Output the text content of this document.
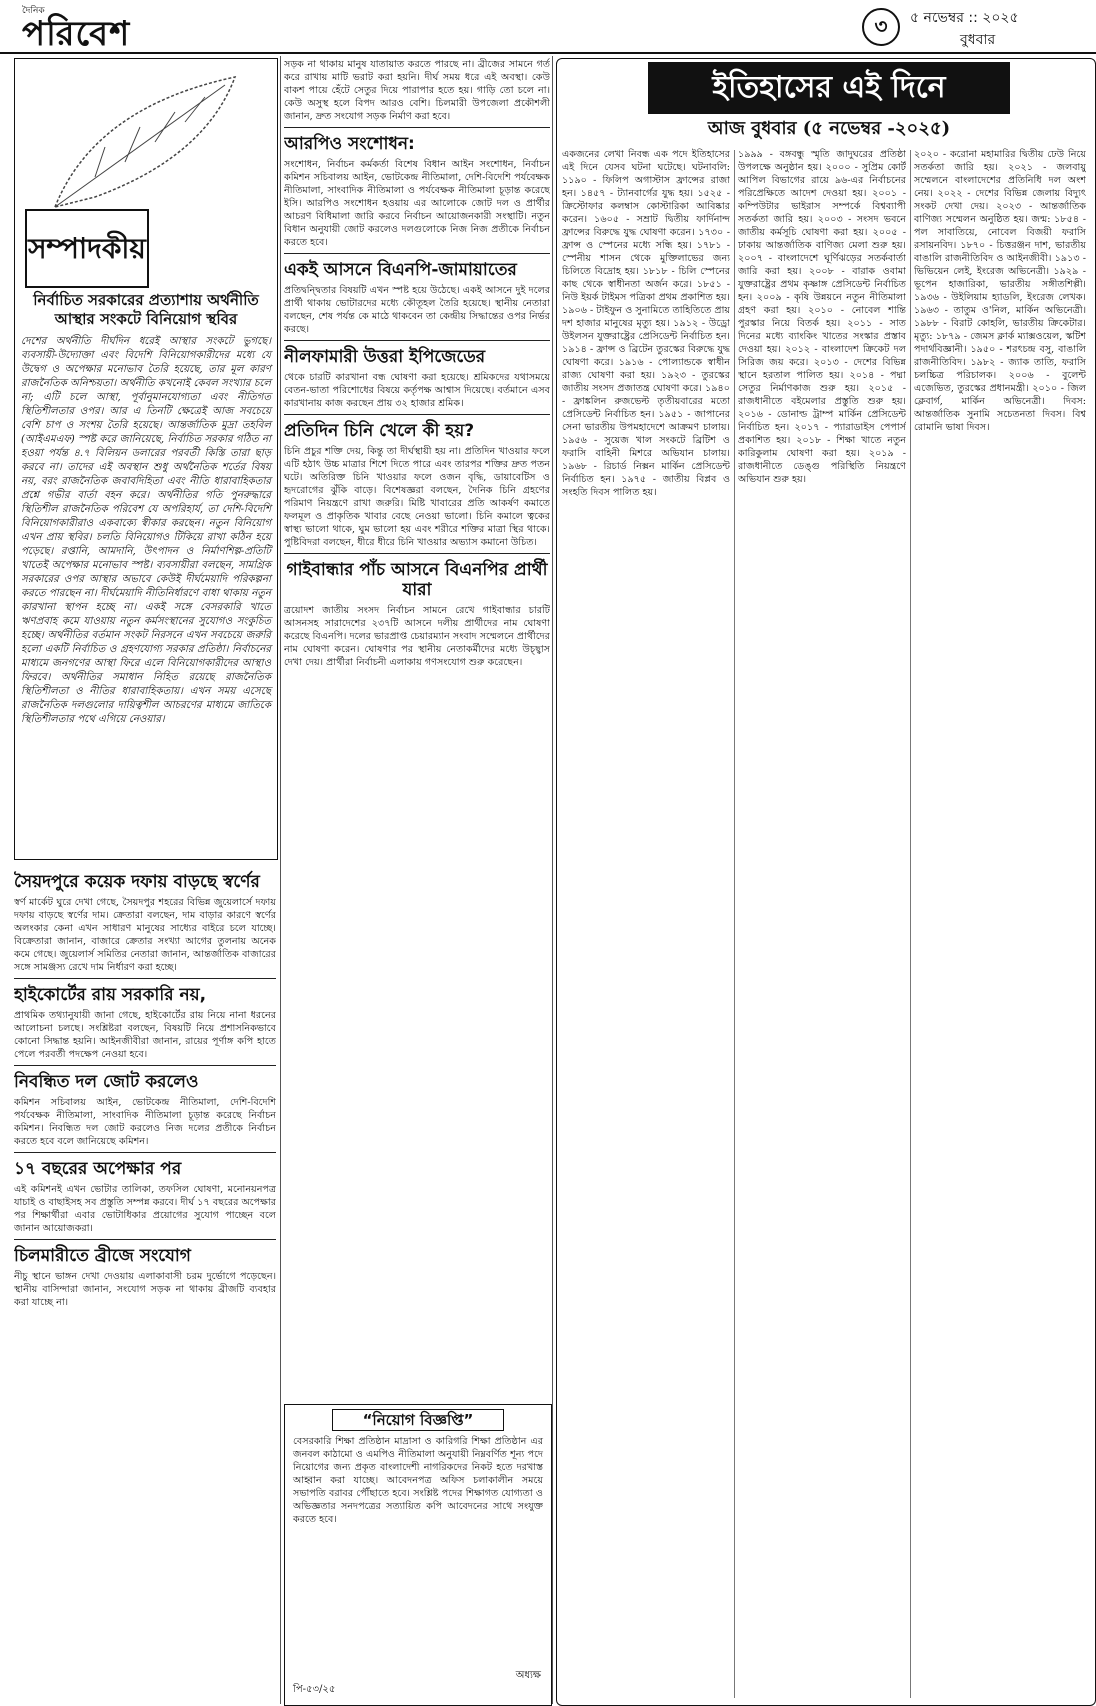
দৈনিক
পরিবেশ	৩	৫ নভেম্বর :: ২০২৫
বুধবার
সম্পাদকীয়

নির্বাচিত সরকারের প্রত্যাশায় অর্থনীতি

আস্থার সংকটে বিনিয়োগ স্থবির

দেশের অর্থনীতি দীর্ঘদিন ধরেই আস্থার সংকটে ভুগছে। ব্যবসায়ী-উদ্যোক্তা এবং বিদেশি বিনিয়োগকারীদের মধ্যে যে উদ্বেগ ও অপেক্ষার মনোভাব তৈরি হয়েছে, তার মূল কারণ রাজনৈতিক অনিশ্চয়তা। অর্থনীতি কখনোই কেবল সংখ্যার চলে না; এটি চলে আস্থা, পূর্বানুমানযোগ্যতা এবং নীতিগত স্থিতিশীলতার ওপর। আর এ তিনটি ক্ষেত্রেই আজ সবচেয়ে বেশি চাপ ও সংশয় তৈরি হয়েছে। আন্তর্জাতিক মুদ্রা তহবিল (আইএমএফ) স্পষ্ট করে জানিয়েছে, নির্বাচিত সরকার গঠিত না হওয়া পর্যন্ত ৪.৭ বিলিয়ন ডলারের পরবর্তী কিস্তি তারা ছাড় করবে না। তাদের এই অবস্থান শুধু অর্থনৈতিক শর্তের বিষয় নয়, বরং রাজনৈতিক জবাবদিহিতা এবং নীতি ধারাবাহিকতার প্রশ্নে গভীর বার্তা বহন করে। অর্থনীতির গতি পুনরুদ্ধারে স্থিতিশীল রাজনৈতিক পরিবেশ যে অপরিহার্য, তা দেশি-বিদেশি বিনিয়োগকারীরাও একবাক্যে স্বীকার করছেন। নতুন বিনিয়োগ এখন প্রায় স্থবির। চলতি বিনিয়োগও টিকিয়ে রাখা কঠিন হয়ে পড়েছে। রপ্তানি, আমদানি, উৎপাদন ও নির্মাণশিল্প-প্রতিটি খাতেই অপেক্ষার মনোভাব স্পষ্ট। ব্যবসায়ীরা বলছেন, সামগ্রিক সরকারের ওপর আস্থার অভাবে কেউই দীর্ঘমেয়াদি পরিকল্পনা করতে পারছেন না। দীর্ঘমেয়াদি নীতিনির্ধারণে বাধা থাকায় নতুন কারখানা স্থাপন হচ্ছে না। একই সঙ্গে বেসরকারি খাতে ঋণপ্রবাহ কমে যাওয়ায় নতুন কর্মসংস্থানের সুযোগও সংকুচিত হচ্ছে। অর্থনীতির বর্তমান সংকট নিরসনে এখন সবচেয়ে জরুরি হলো একটি নির্বাচিত ও গ্রহণযোগ্য সরকার প্রতিষ্ঠা। নির্বাচনের মাধ্যমে জনগণের আস্থা ফিরে এলে বিনিয়োগকারীদের আস্থাও ফিরবে। অর্থনীতির সমাধান নিহিত রয়েছে রাজনৈতিক স্থিতিশীলতা ও নীতির ধারাবাহিকতায়। এখন সময় এসেছে রাজনৈতিক দলগুলোর দায়িত্বশীল আচরণের মাধ্যমে জাতিকে স্থিতিশীলতার পথে এগিয়ে নেওয়ার।

সৈয়দপুরে কয়েক দফায় বাড়ছে স্বর্ণের

স্বর্ণ মার্কেট ঘুরে দেখা গেছে, সৈয়দপুর শহরের বিভিন্ন জুয়েলার্সে দফায় দফায় বাড়ছে স্বর্ণের দাম। ক্রেতারা বলছেন, দাম বাড়ার কারণে স্বর্ণের অলংকার কেনা এখন সাধারণ মানুষের সাধ্যের বাইরে চলে যাচ্ছে। বিক্রেতারা জানান, বাজারে ক্রেতার সংখ্যা আগের তুলনায় অনেক কমে গেছে। জুয়েলার্স সমিতির নেতারা জানান, আন্তর্জাতিক বাজারের সঙ্গে সামঞ্জস্য রেখে দাম নির্ধারণ করা হচ্ছে।

হাইকোর্টের রায় সরকারি নয়,

প্রাথমিক তথ্যানুযায়ী জানা গেছে, হাইকোর্টের রায় নিয়ে নানা ধরনের আলোচনা চলছে। সংশ্লিষ্টরা বলছেন, বিষয়টি নিয়ে প্রশাসনিকভাবে কোনো সিদ্ধান্ত হয়নি। আইনজীবীরা জানান, রায়ের পূর্ণাঙ্গ কপি হাতে পেলে পরবর্তী পদক্ষেপ নেওয়া হবে।

নিবন্ধিত দল জোট করলেও

কমিশন সচিবালয় আইন, ভোটকেন্দ্র নীতিমালা, দেশি-বিদেশি পর্যবেক্ষক নীতিমালা, সাংবাদিক নীতিমালা চূড়ান্ত করেছে নির্বাচন কমিশন। নিবন্ধিত দল জোট করলেও নিজ দলের প্রতীকে নির্বাচন করতে হবে বলে জানিয়েছে কমিশন।

১৭ বছরের অপেক্ষার পর

এই কমিশনই এখন ভোটার তালিকা, তফসিল ঘোষণা, মনোনয়নপত্র যাচাই ও বাছাইসহ সব প্রস্তুতি সম্পন্ন করবে। দীর্ঘ ১৭ বছরের অপেক্ষার পর শিক্ষার্থীরা এবার ভোটাধিকার প্রয়োগের সুযোগ পাচ্ছেন বলে জানান আয়োজকরা।

চিলমারীতে ব্রীজে সংযোগ

নীচু স্থানে ভাঙ্গন দেখা দেওয়ায় এলাকাবাসী চরম দুর্ভোগে পড়েছেন। স্থানীয় বাসিন্দারা জানান, সংযোগ সড়ক না থাকায় ব্রীজটি ব্যবহার করা যাচ্ছে না।

সড়ক না থাকায় মানুষ যাতায়াত করতে পারছে না। ব্রীজের সামনে গর্ত করে রাখায় মাটি ভরাট করা হয়নি। দীর্ঘ সময় ধরে এই অবস্থা। কেউ বাকশ পায়ে হেঁটে সেতুর দিয়ে পারাপার হতে হয়। গাড়ি তো চলে না। কেউ অসুস্থ হলে বিপদ আরও বেশি। চিলমারী উপজেলা প্রকৌশলী জানান, দ্রুত সংযোগ সড়ক নির্মাণ করা হবে।

আরপিও সংশোধন:

সংশোধন, নির্বাচন কর্মকর্তা বিশেষ বিধান আইন সংশোধন, নির্বাচন কমিশন সচিবালয় আইন, ভোটকেন্দ্র নীতিমালা, দেশি-বিদেশি পর্যবেক্ষক নীতিমালা, সাংবাদিক নীতিমালা ও পর্যবেক্ষক নীতিমালা চূড়ান্ত করেছে ইসি। আরপিও সংশোধন হওয়ায় এর আলোকে জোট দল ও প্রার্থীর আচরণ বিধিমালা জারি করবে নির্বাচন আয়োজনকারী সংস্থাটি। নতুন বিধান অনুযায়ী জোট করলেও দলগুলোকে নিজ নিজ প্রতীকে নির্বাচন করতে হবে।

একই আসনে বিএনপি-জামায়াতের

প্রতিদ্বন্দ্বিতার বিষয়টি এখন স্পষ্ট হয়ে উঠেছে। একই আসনে দুই দলের প্রার্থী থাকায় ভোটারদের মধ্যে কৌতূহল তৈরি হয়েছে। স্থানীয় নেতারা বলছেন, শেষ পর্যন্ত কে মাঠে থাকবেন তা কেন্দ্রীয় সিদ্ধান্তের ওপর নির্ভর করছে।

নীলফামারী উত্তরা ইপিজেডের

থেকে চারটি কারখানা বন্ধ ঘোষণা করা হয়েছে। শ্রমিকদের যথাসময়ে বেতন-ভাতা পরিশোধের বিষয়ে কর্তৃপক্ষ আশ্বাস দিয়েছে। বর্তমানে এসব কারখানায় কাজ করছেন প্রায় ৩২ হাজার শ্রমিক।

প্রতিদিন চিনি খেলে কী হয়?

চিনি প্রচুর শক্তি দেয়, কিন্তু তা দীর্ঘস্থায়ী হয় না। প্রতিদিন খাওয়ার ফলে এটি হঠাৎ উচ্চ মাত্রার শিশে দিতে পারে এবং তারপর শক্তির দ্রুত পতন ঘটে। অতিরিক্ত চিনি খাওয়ার ফলে ওজন বৃদ্ধি, ডায়াবেটিস ও হৃদরোগের ঝুঁকি বাড়ে। বিশেষজ্ঞরা বলছেন, দৈনিক চিনি গ্রহণের পরিমাণ নিয়ন্ত্রণে রাখা জরুরি। মিষ্টি খাবারের প্রতি আকর্ষণ কমাতে ফলমূল ও প্রাকৃতিক খাবার বেছে নেওয়া ভালো। চিনি কমালে ত্বকের স্বাস্থ্য ভালো থাকে, ঘুম ভালো হয় এবং শরীরে শক্তির মাত্রা স্থির থাকে। পুষ্টিবিদরা বলছেন, ধীরে ধীরে চিনি খাওয়ার অভ্যাস কমানো উচিত।

গাইবান্ধার পাঁচ আসনে বিএনপির প্রার্থী যারা

ত্রয়োদশ জাতীয় সংসদ নির্বাচন সামনে রেখে গাইবান্ধার চারটি আসনসহ সারাদেশের ২৩৭টি আসনে দলীয় প্রার্থীদের নাম ঘোষণা করেছে বিএনপি। দলের ভারপ্রাপ্ত চেয়ারম্যান সংবাদ সম্মেলনে প্রার্থীদের নাম ঘোষণা করেন। ঘোষণার পর স্থানীয় নেতাকর্মীদের মধ্যে উচ্ছ্বাস দেখা দেয়। প্রার্থীরা নির্বাচনী এলাকায় গণসংযোগ শুরু করেছেন।

“নিয়োগ বিজ্ঞপ্তি”

বেসরকারি শিক্ষা প্রতিষ্ঠান মাদ্রাসা ও কারিগরি শিক্ষা প্রতিষ্ঠান এর জনবল কাঠামো ও এমপিও নীতিমালা অনুযায়ী নিম্নবর্ণিত শূন্য পদে নিয়োগের জন্য প্রকৃত বাংলাদেশী নাগরিকদের নিকট হতে দরখাস্ত আহ্বান করা যাচ্ছে। আবেদনপত্র অফিস চলাকালীন সময়ে সভাপতি বরাবর পৌঁছাতে হবে। সংশ্লিষ্ট পদের শিক্ষাগত যোগ্যতা ও অভিজ্ঞতার সনদপত্রের সত্যায়িত কপি আবেদনের সাথে সংযুক্ত করতে হবে।

পি-৫৩/২৫
অধ্যক্ষ
ইতিহাসের এই দিনে
আজ বুধবার (৫ নভেম্বর -২০২৫)

একজনের লেখা নিবন্ধ এক পদে ইতিহাসের এই দিনে যেসব ঘটনা ঘটেছে। ঘটনাবলি: ১১৯০ - ফিলিপ অগাস্টাস ফ্রান্সের রাজা হন। ১৪৫৭ - ট্যানবার্গের যুদ্ধ হয়। ১৫২৫ - ক্রিস্টোফার কলম্বাস কোস্টারিকা আবিষ্কার করেন। ১৬০৫ - সম্রাট দ্বিতীয় ফার্দিনান্দ ফ্রান্সের বিরুদ্ধে যুদ্ধ ঘোষণা করেন। ১৭৩০ - ফ্রান্স ও স্পেনের মধ্যে সন্ধি হয়। ১৭৮১ - স্পেনীয় শাসন থেকে মুক্তিলাভের জন্য চিলিতে বিদ্রোহ হয়। ১৮১৮ - চিলি স্পেনের কাছ থেকে স্বাধীনতা অর্জন করে। ১৮৫১ - নিউ ইয়র্ক টাইমস পত্রিকা প্রথম প্রকাশিত হয়। ১৯০৬ - টাইফুন ও সুনামিতে তাহিতিতে প্রায় দশ হাজার মানুষের মৃত্যু হয়। ১৯১২ - উড্রো উইলসন যুক্তরাষ্ট্রের প্রেসিডেন্ট নির্বাচিত হন। ১৯১৪ - ফ্রান্স ও ব্রিটেন তুরস্কের বিরুদ্ধে যুদ্ধ ঘোষণা করে। ১৯১৬ - পোল্যান্ডকে স্বাধীন রাজ্য ঘোষণা করা হয়। ১৯২৩ - তুরস্কের জাতীয় সংসদ প্রজাতন্ত্র ঘোষণা করে। ১৯৪০ - ফ্রাঙ্কলিন রুজভেল্ট তৃতীয়বারের মতো প্রেসিডেন্ট নির্বাচিত হন। ১৯৫১ - জাপানের সেনা ভারতীয় উপমহাদেশে আক্রমণ চালায়। ১৯৫৬ - সুয়েজ খাল সংকটে ব্রিটিশ ও ফরাসি বাহিনী মিশরে অভিযান চালায়। ১৯৬৮ - রিচার্ড নিক্সন মার্কিন প্রেসিডেন্ট নির্বাচিত হন। ১৯৭৫ - জাতীয় বিপ্লব ও সংহতি দিবস পালিত হয়।

১৯৯৯ - বঙ্গবন্ধু স্মৃতি জাদুঘরের প্রতিষ্ঠা উপলক্ষে অনুষ্ঠান হয়। ২০০০ - সুপ্রিম কোর্ট আপিল বিভাগের রায়ে ৯৬-এর নির্বাচনের পরিপ্রেক্ষিতে আদেশ দেওয়া হয়। ২০০১ - কম্পিউটার ভাইরাস সম্পর্কে বিশ্বব্যাপী সতর্কতা জারি হয়। ২০০৩ - সংসদ ভবনে জাতীয় কর্মসূচি ঘোষণা করা হয়। ২০০৫ - ঢাকায় আন্তর্জাতিক বাণিজ্য মেলা শুরু হয়। ২০০৭ - বাংলাদেশে ঘূর্ণিঝড়ের সতর্কবার্তা জারি করা হয়। ২০০৮ - বারাক ওবামা যুক্তরাষ্ট্রের প্রথম কৃষ্ণাঙ্গ প্রেসিডেন্ট নির্বাচিত হন। ২০০৯ - কৃষি উন্নয়নে নতুন নীতিমালা গ্রহণ করা হয়। ২০১০ - নোবেল শান্তি পুরস্কার নিয়ে বিতর্ক হয়। ২০১১ - সাত দিনের মধ্যে ব্যাংকিং খাতের সংস্কার প্রস্তাব দেওয়া হয়। ২০১২ - বাংলাদেশ ক্রিকেট দল সিরিজ জয় করে। ২০১৩ - দেশের বিভিন্ন স্থানে হরতাল পালিত হয়। ২০১৪ - পদ্মা সেতুর নির্মাণকাজ শুরু হয়। ২০১৫ - রাজধানীতে বইমেলার প্রস্তুতি শুরু হয়। ২০১৬ - ডোনাল্ড ট্রাম্প মার্কিন প্রেসিডেন্ট নির্বাচিত হন। ২০১৭ - প্যারাডাইস পেপার্স প্রকাশিত হয়। ২০১৮ - শিক্ষা খাতে নতুন কারিকুলাম ঘোষণা করা হয়। ২০১৯ - রাজধানীতে ডেঙ্গু পরিস্থিতি নিয়ন্ত্রণে অভিযান শুরু হয়।

২০২০ - করোনা মহামারির দ্বিতীয় ঢেউ নিয়ে সতর্কতা জারি হয়। ২০২১ - জলবায়ু সম্মেলনে বাংলাদেশের প্রতিনিধি দল অংশ নেয়। ২০২২ - দেশের বিভিন্ন জেলায় বিদ্যুৎ সংকট দেখা দেয়। ২০২৩ - আন্তর্জাতিক বাণিজ্য সম্মেলন অনুষ্ঠিত হয়। জন্ম: ১৮৫৪ - পল সাবাতিয়ে, নোবেল বিজয়ী ফরাসি রসায়নবিদ। ১৮৭০ - চিত্তরঞ্জন দাশ, ভারতীয় বাঙালি রাজনীতিবিদ ও আইনজীবী। ১৯১৩ - ভিভিয়েন লেই, ইংরেজ অভিনেত্রী। ১৯২৯ - ভূপেন হাজারিকা, ভারতীয় সঙ্গীতশিল্পী। ১৯৩৬ - উইলিয়াম হ্যাডলি, ইংরেজ লেখক। ১৯৬৩ - তাতুম ও'নিল, মার্কিন অভিনেত্রী। ১৯৮৮ - বিরাট কোহলি, ভারতীয় ক্রিকেটার। মৃত্যু: ১৮৭৯ - জেমস ক্লার্ক ম্যাক্সওয়েল, স্কটিশ পদার্থবিজ্ঞানী। ১৯৫০ - শরৎচন্দ্র বসু, বাঙালি রাজনীতিবিদ। ১৯৮২ - জ্যাক তাতি, ফরাসি চলচ্চিত্র পরিচালক। ২০০৬ - বুলেন্ট এজেভিত, তুরস্কের প্রধানমন্ত্রী। ২০১০ - জিল ক্লেবার্গ, মার্কিন অভিনেত্রী। দিবস: আন্তর্জাতিক সুনামি সচেতনতা দিবস। বিশ্ব রোমানি ভাষা দিবস।
